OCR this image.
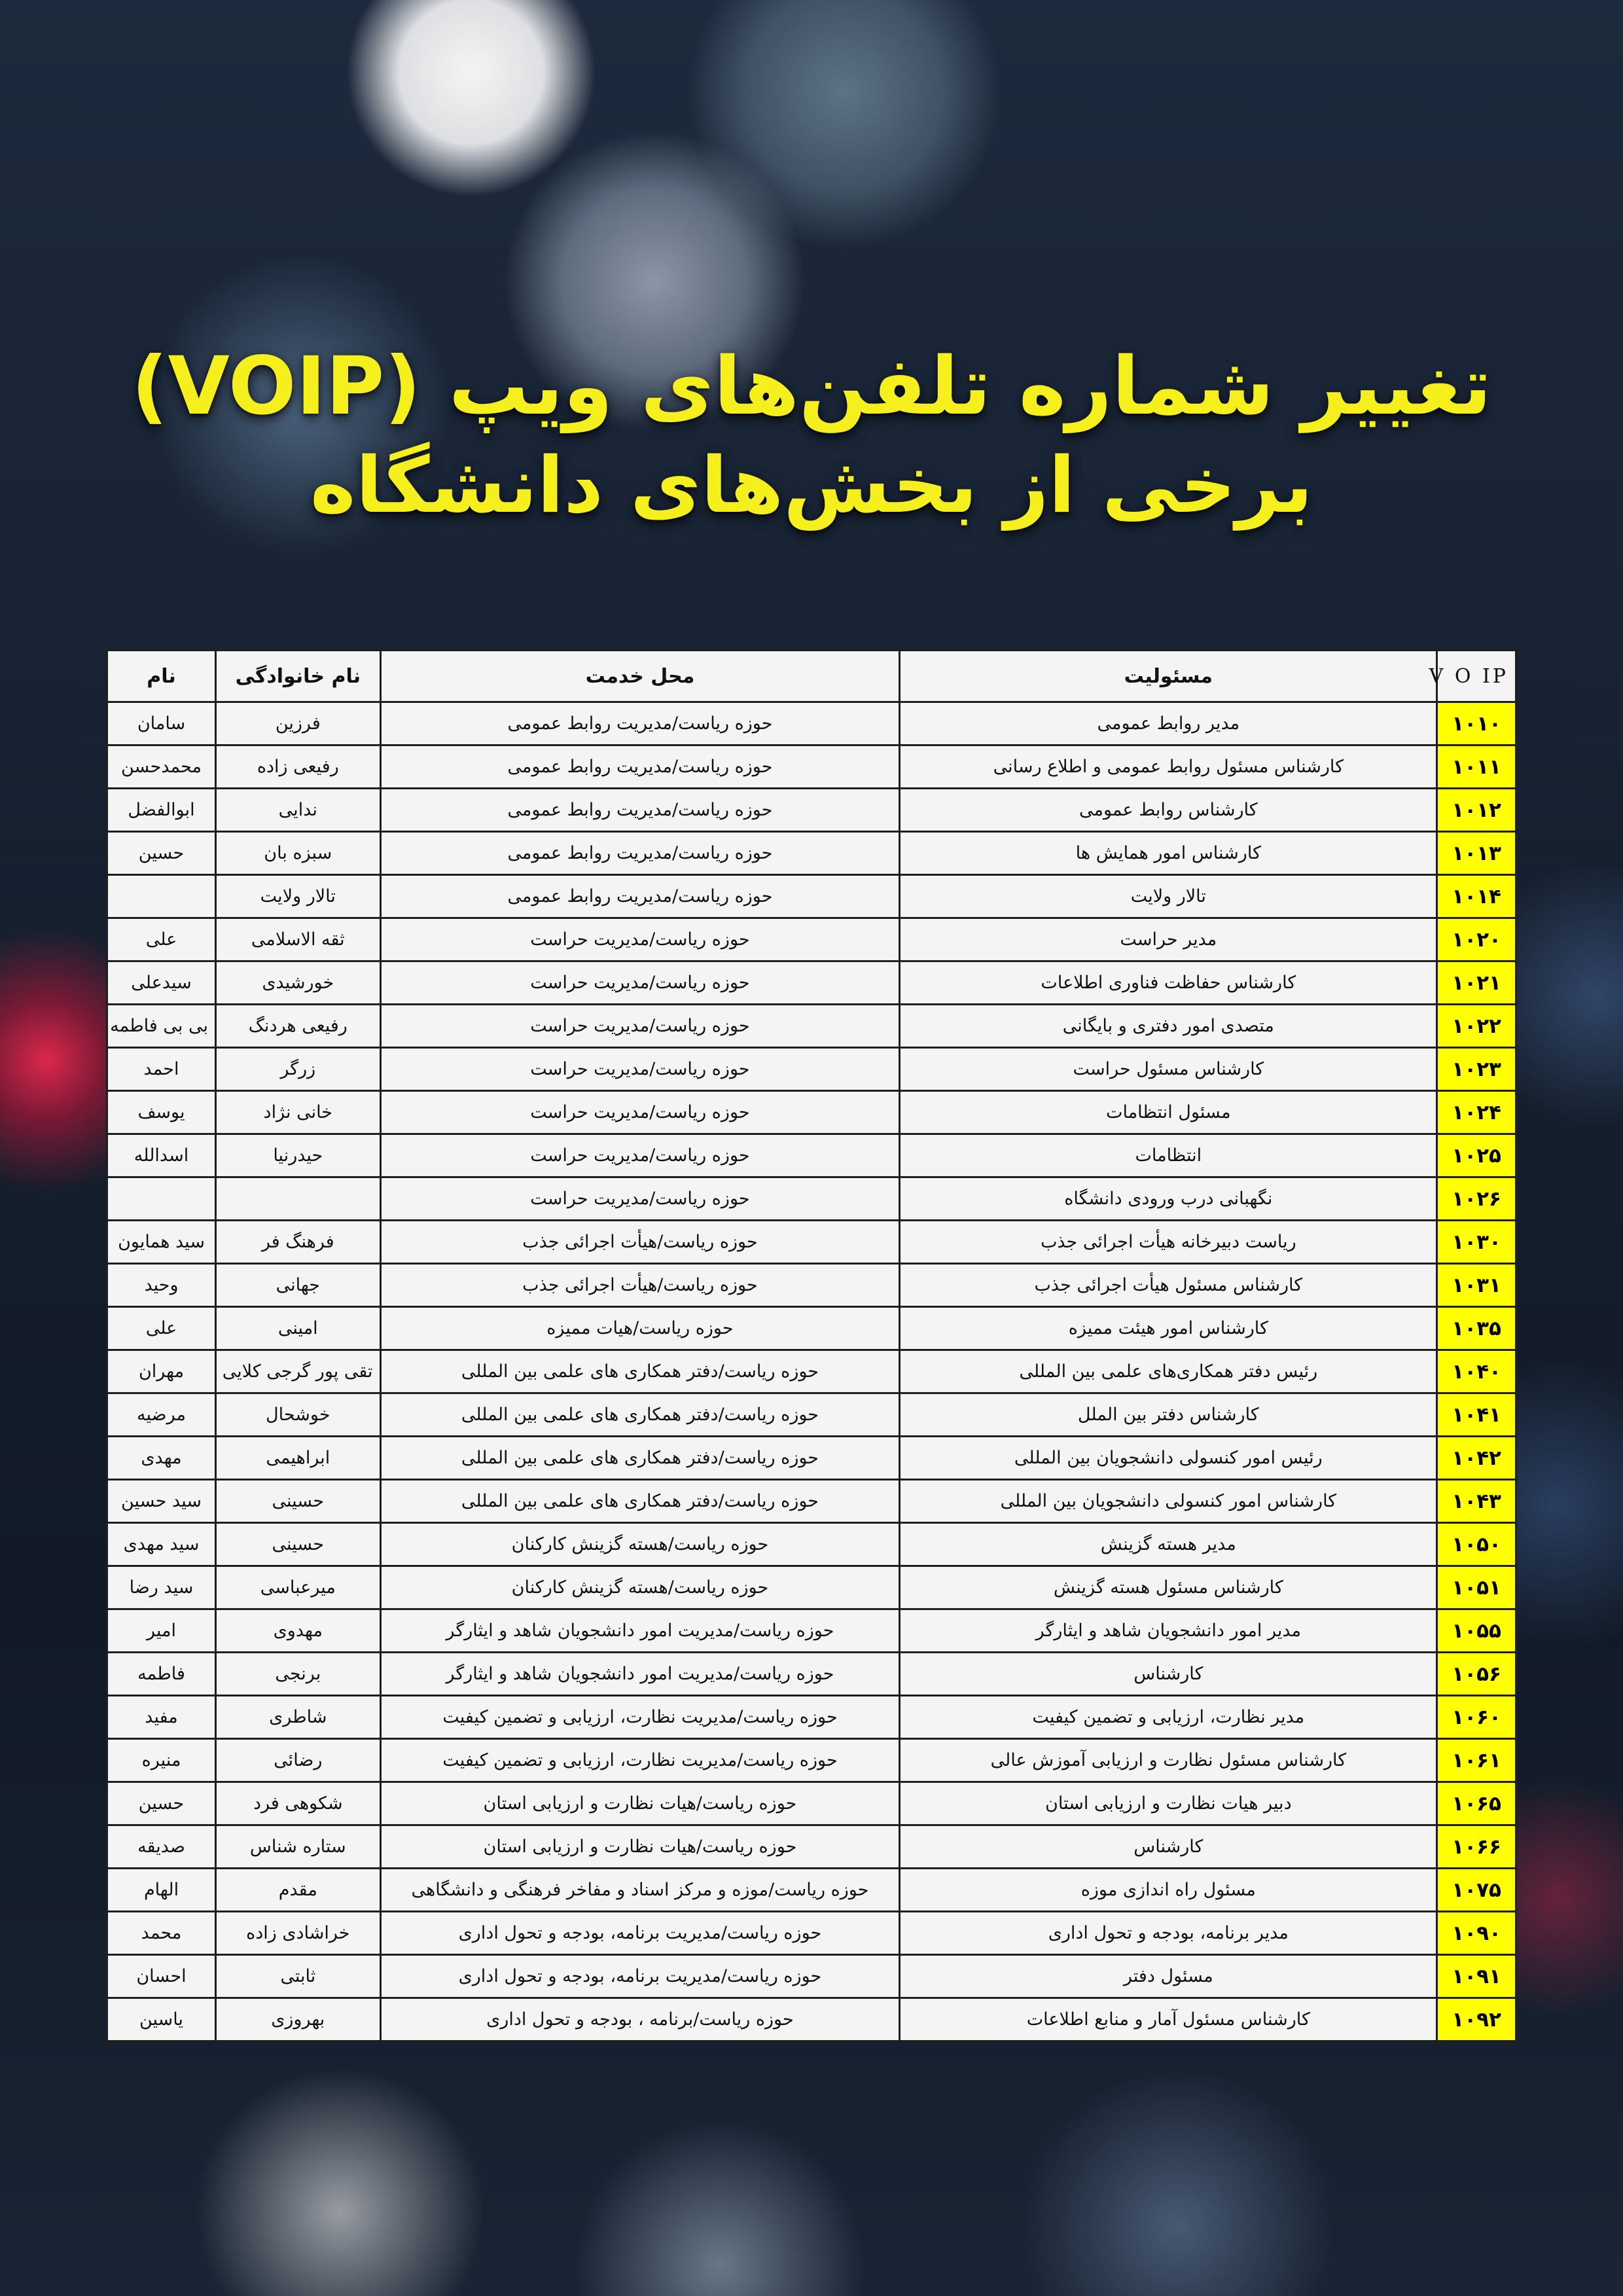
تغییر شماره تلفن‌های ویپ (VOIP)
برخی از بخش‌های دانشگاه
V O IP	مسئولیت	محل خدمت	نام خانوادگی	نام
۱۰۱۰	مدیر روابط عمومی	حوزه ریاست/مدیریت روابط عمومی	فرزین	سامان
۱۰۱۱	کارشناس مسئول روابط عمومی و اطلاع رسانی	حوزه ریاست/مدیریت روابط عمومی	رفیعی زاده	محمدحسن
۱۰۱۲	کارشناس روابط عمومی	حوزه ریاست/مدیریت روابط عمومی	ندایی	ابوالفضل
۱۰۱۳	کارشناس امور همایش ها	حوزه ریاست/مدیریت روابط عمومی	سبزه بان	حسین
۱۰۱۴	تالار ولایت	حوزه ریاست/مدیریت روابط عمومی	تالار ولایت	
۱۰۲۰	مدیر حراست	حوزه ریاست/مدیریت حراست	ثقه الاسلامی	علی
۱۰۲۱	کارشناس حفاظت فناوری اطلاعات	حوزه ریاست/مدیریت حراست	خورشیدی	سیدعلی
۱۰۲۲	متصدی امور دفتری و بایگانی	حوزه ریاست/مدیریت حراست	رفیعی هردنگ	بی بی فاطمه
۱۰۲۳	کارشناس مسئول حراست	حوزه ریاست/مدیریت حراست	زرگر	احمد
۱۰۲۴	مسئول انتظامات	حوزه ریاست/مدیریت حراست	خانی نژاد	یوسف
۱۰۲۵	انتظامات	حوزه ریاست/مدیریت حراست	حیدرنیا	اسدالله
۱۰۲۶	نگهبانی درب ورودی دانشگاه	حوزه ریاست/مدیریت حراست		
۱۰۳۰	ریاست دبیرخانه هیأت اجرائی جذب	حوزه ریاست/هیأت اجرائی جذب	فرهنگ فر	سید همایون
۱۰۳۱	کارشناس مسئول هیأت اجرائی جذب	حوزه ریاست/هیأت اجرائی جذب	جهانی	وحید
۱۰۳۵	کارشناس امور هیئت ممیزه	حوزه ریاست/هیات ممیزه	امینی	علی
۱۰۴۰	رئیس دفتر همکاری‌های علمی بین المللی	حوزه ریاست/دفتر همکاری های علمی بین المللی	تقی پور گرجی کلایی	مهران
۱۰۴۱	کارشناس دفتر بین الملل	حوزه ریاست/دفتر همکاری های علمی بین المللی	خوشحال	مرضیه
۱۰۴۲	رئیس امور کنسولی دانشجویان بین المللی	حوزه ریاست/دفتر همکاری های علمی بین المللی	ابراهیمی	مهدی
۱۰۴۳	کارشناس امور کنسولی دانشجویان بین المللی	حوزه ریاست/دفتر همکاری های علمی بین المللی	حسینی	سید حسین
۱۰۵۰	مدیر هسته گزینش	حوزه ریاست/هسته گزینش کارکنان	حسینی	سید مهدی
۱۰۵۱	کارشناس مسئول هسته گزینش	حوزه ریاست/هسته گزینش کارکنان	میرعباسی	سید رضا
۱۰۵۵	مدیر امور دانشجویان شاهد و ایثارگر	حوزه ریاست/مدیریت امور دانشجویان شاهد و ایثارگر	مهدوی	امیر
۱۰۵۶	کارشناس	حوزه ریاست/مدیریت امور دانشجویان شاهد و ایثارگر	برنجی	فاطمه
۱۰۶۰	مدیر نظارت، ارزیابی و تضمین کیفیت	حوزه ریاست/مدیریت نظارت، ارزیابی و تضمین کیفیت	شاطری	مفید
۱۰۶۱	کارشناس مسئول نظارت و ارزیابی آموزش عالی	حوزه ریاست/مدیریت نظارت، ارزیابی و تضمین کیفیت	رضائی	منیره
۱۰۶۵	دبیر هیات نظارت و ارزیابی استان	حوزه ریاست/هیات نظارت و ارزیابی استان	شکوهی فرد	حسین
۱۰۶۶	کارشناس	حوزه ریاست/هیات نظارت و ارزیابی استان	ستاره شناس	صدیقه
۱۰۷۵	مسئول راه اندازی موزه	حوزه ریاست/موزه و مرکز اسناد و مفاخر فرهنگی و دانشگاهی	مقدم	الهام
۱۰۹۰	مدیر برنامه، بودجه و تحول اداری	حوزه ریاست/مدیریت برنامه، بودجه و تحول اداری	خراشادی زاده	محمد
۱۰۹۱	مسئول دفتر	حوزه ریاست/مدیریت برنامه، بودجه و تحول اداری	ثابتی	احسان
۱۰۹۲	کارشناس مسئول آمار و منابع اطلاعات	حوزه ریاست/برنامه ، بودجه و تحول اداری	بهروزی	یاسین
